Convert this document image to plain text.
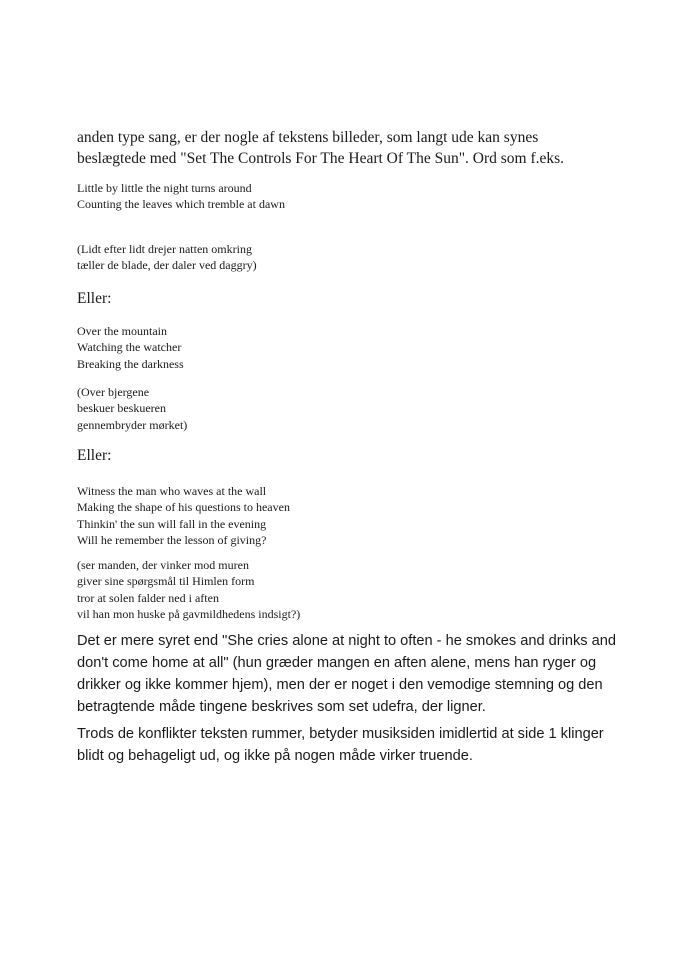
anden type sang, er der nogle af tekstens billeder, som langt ude kan synes
beslægtede med "Set The Controls For The Heart Of The Sun". Ord som f.eks.
Little by little the night turns around
Counting the leaves which tremble at dawn
(Lidt efter lidt drejer natten omkring
tæller de blade, der daler ved daggry)
Eller:
Over the mountain
Watching the watcher
Breaking the darkness
(Over bjergene
beskuer beskueren
gennembryder mørket)
Eller:
Witness the man who waves at the wall
Making the shape of his questions to heaven
Thinkin' the sun will fall in the evening
Will he remember the lesson of giving?
(ser manden, der vinker mod muren
giver sine spørgsmål til Himlen form
tror at solen falder ned i aften
vil han mon huske på gavmildhedens indsigt?)
Det er mere syret end "She cries alone at night to often - he smokes and drinks and
don't come home at all" (hun græder mangen en aften alene, mens han ryger og
drikker og ikke kommer hjem), men der er noget i den vemodige stemning og den
betragtende måde tingene beskrives som set udefra, der ligner.
Trods de konflikter teksten rummer, betyder musiksiden imidlertid at side 1 klinger
blidt og behageligt ud, og ikke på nogen måde virker truende.
